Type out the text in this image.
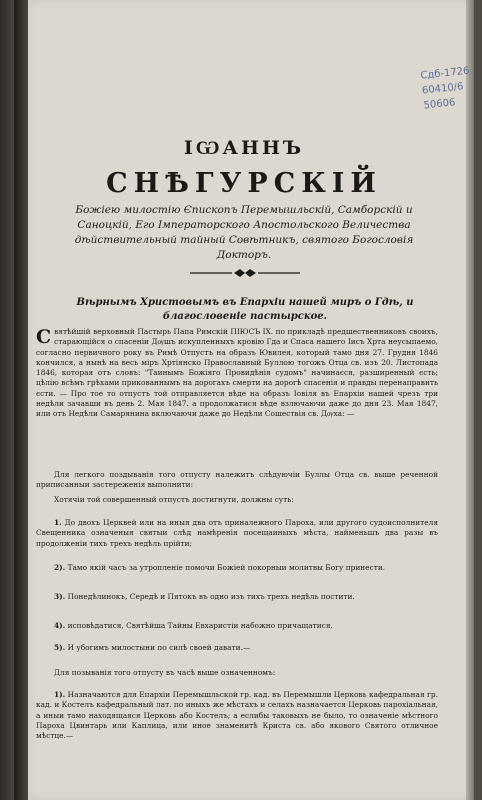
Сдб-1726
60410/6
50606
ІѠАННЪ
СНѢГУРСКІЙ
Божіею милостію Єпископъ Перемышльскій, Самборскій и Саноцкій, Его Імператорского Апостольского Величества дѣйствительный тайный Совѣтникъ, святого Богословія Докторъ.
Вѣрнымъ Христовымъ въ Епархіи нашей миръ о Гдѣ, и благословеніе пастырское.
Святѣйшій верховный Пастырь Папа Римскій ПІЮСЪ IX. по прикладѣ предшественниковъ своихъ, старающійся о спасеніи Дѹшъ искупленныхъ кровію Гда и Спаса нашего Іисъ Хрта неусыпаемо, согласно первичного року въ Римѣ Отпустъ на образъ Ювилея, который тамо дня 27. Грудня 1846 кончился, а нынѣ на весь міръ Хртіянско Православный Буллою тогожъ Отца св. изъ 20. Листопада 1846, которая отъ словъ: "Таинымъ Божіяго Провидѣнія судомъ" начинаєся, разширенный єсть; цѣлію всѣмъ грѣхами прикованнымъ на дорогахъ смерти на дорогѣ спасенія и правды перенаправить єсти. — Про тое то отпустъ той отправляется вѣде на образъ Іовіля въ Епархіи нашей чрезъ три недѣли зачавши въ день 2. Мая 1847. а продолжатися вѣде взлючаючи даже до дня 23. Мая 1847, или отъ Недѣли Самарянина включаючи даже до Недѣли Сошествія св. Дѹха: —
Для легкого поздыванія того отпусту належитъ слѣдуючіи Буллы Отца св. выше реченной приписанныи застереженія выполнити:
Хотячіи той совершенный отпустъ достигнути, должны суть:
1. До двохъ Церквей или на иныя два отъ приналежного Пароха, или другого судоисполнителя Свещенника означеныя святыи слѣд намѣренія посещаиныхъ мѣста, найменьшъ два разы въ продолженіи тихъ трехъ недѣль прійти;
2). Тамо якій часъ за утропленіе помочи Божіей покорныи молитвы Богу принести.
3). Понедѣлинокъ, Середѣ и Пятокъ въ одно изъ тихъ трехъ недѣль постити.
4). исповѣдатися, Святѣйша Тайны Евхаристіи набожно причащатися.
5). И убогимъ милостыни по силѣ своей давати.—
Для позыванія того отпусту въ часѣ выше означенномъ:
1). Назначаются для Епархіи Перемышльской гр. кад. въ Перемышли Церковь кафедральная гр. кад. и Костелъ кафедральный лат. по иныхъ же мѣстахъ и селахъ назначается Церковь парохіальная, а иныи тамо находящаяся Церковь або Костелъ; а еслибы таковыхъ не было, то означеніе мѣстного Пароха Цвинтарь или Каплица, или иное знаменитѣ Криста св. або якового Святого отличное мѣстце.—
